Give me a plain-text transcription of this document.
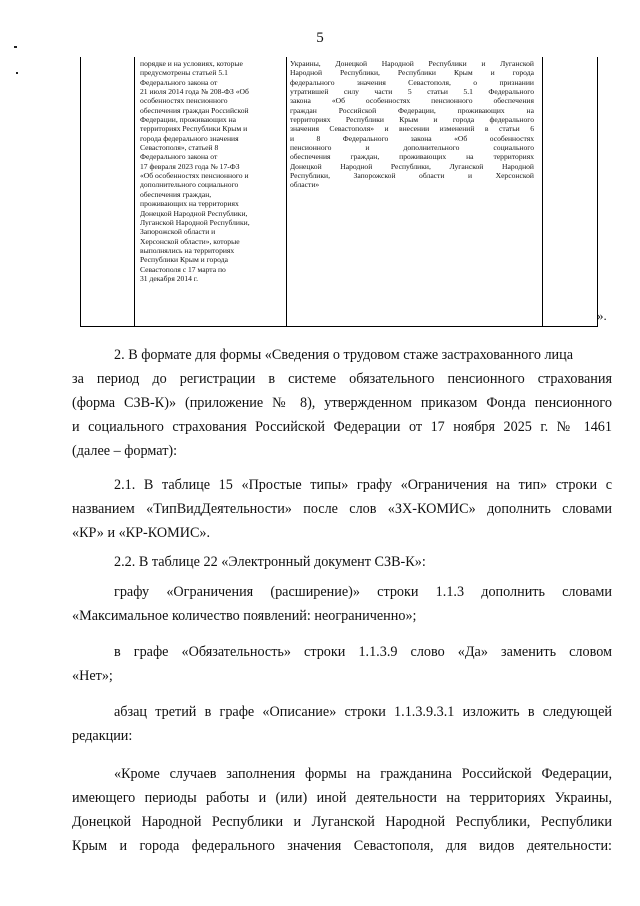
5
порядке и на условиях, которые
предусмотрены статьей 5.1
Федерального закона от
21 июля 2014 года № 208-ФЗ «Об
особенностях пенсионного
обеспечения граждан Российской
Федерации, проживающих на
территориях Республики Крым и
города федерального значения
Севастополя», статьей 8
Федерального закона от
17 февраля 2023 года № 17-ФЗ
«Об особенностях пенсионного и
дополнительного социального
обеспечения граждан,
проживающих на территориях
Донецкой Народной Республики,
Луганской Народной Республики,
Запорожской области и
Херсонской области», которые
выполнялись на территориях
Республики Крым и города
Севастополя с 17 марта по
31 декабря 2014 г.
Украины, Донецкой Народной Республики и Луганской
Народной Республики, Республики Крым и города
федерального значения Севастополя, о признании
утратившей силу части 5 статьи 5.1 Федерального
закона «Об особенностях пенсионного обеспечения
граждан Российской Федерации, проживающих на
территориях Республики Крым и города федерального
значения Севастополя» и внесении изменений в статьи 6
и 8 Федерального закона «Об особенностях
пенсионного и дополнительного социального
обеспечения граждан, проживающих на территориях
Донецкой Народной Республики, Луганской Народной
Республики, Запорожской области и Херсонской
области»
».

2. В формате для формы «Сведения о трудовом стаже застрахованного лица
за период до регистрации в системе обязательного пенсионного страхования
(форма СЗВ-К)» (приложение № 8), утвержденном приказом Фонда пенсионного
и социального страхования Российской Федерации от 17 ноября 2025 г. № 1461
(далее – формат):

2.1. В таблице 15 «Простые типы» графу «Ограничения на тип» строки с
названием «ТипВидДеятельности» после слов «ЗХ-КОМИС» дополнить словами
«КР» и «КР-КОМИС».

2.2. В таблице 22 «Электронный документ СЗВ-К»:

графу «Ограничения (расширение)» строки 1.1.3 дополнить словами
«Максимальное количество появлений: неограниченно»;

в графе «Обязательность» строки 1.1.3.9 слово «Да» заменить словом
«Нет»;

абзац третий в графе «Описание» строки 1.1.3.9.3.1 изложить в следующей
редакции:

«Кроме случаев заполнения формы на гражданина Российской Федерации,
имеющего периоды работы и (или) иной деятельности на территориях Украины,
Донецкой Народной Республики и Луганской Народной Республики, Республики
Крым и города федерального значения Севастополя, для видов деятельности:
